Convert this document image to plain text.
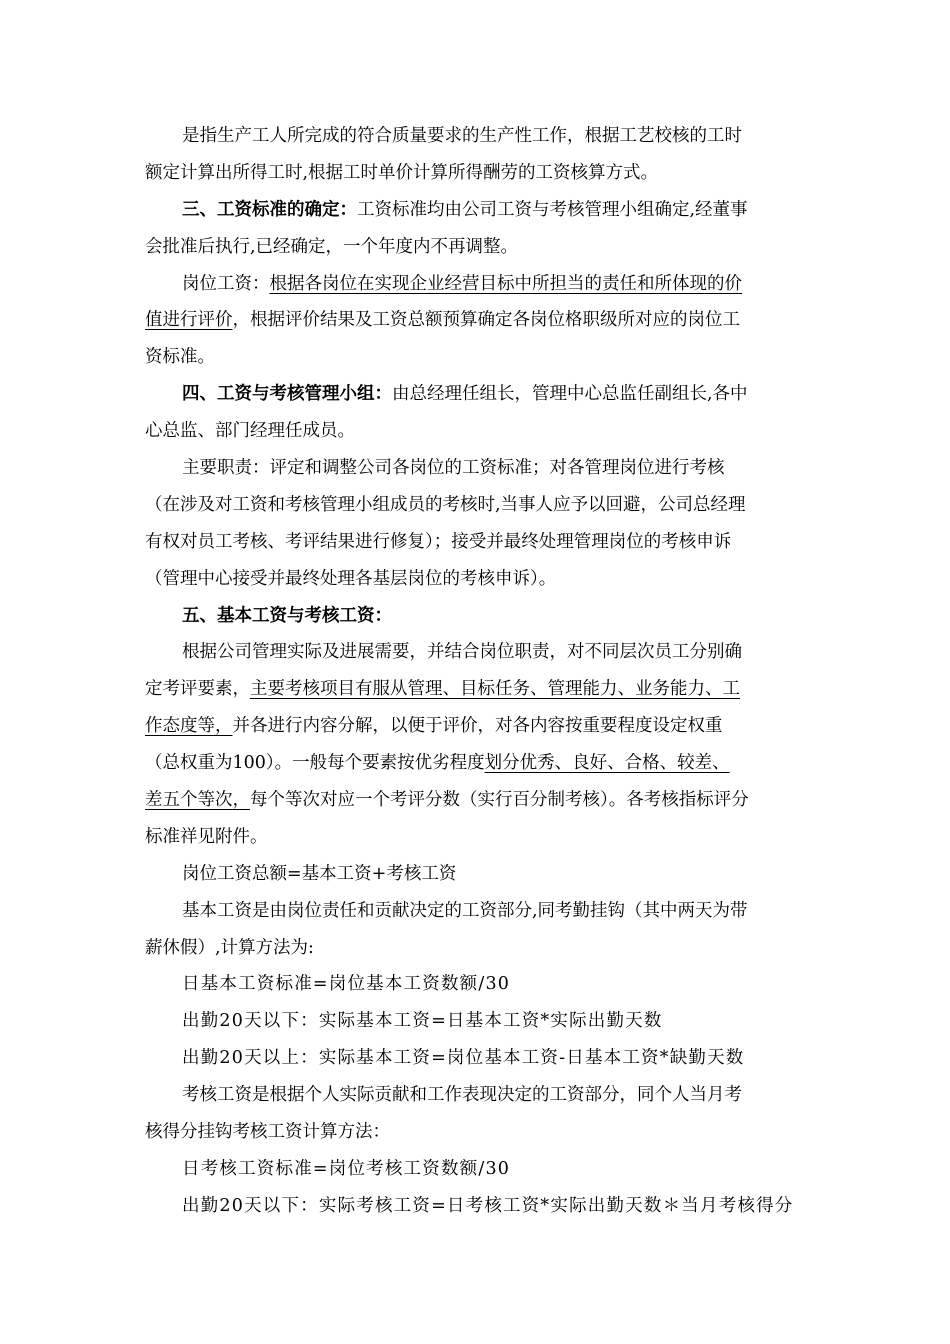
是指生产工人所完成的符合质量要求的生产性工作，根据工艺校核的工时
额定计算出所得工时,根据工时单价计算所得酬劳的工资核算方式。
三、工资标准的确定：工资标准均由公司工资与考核管理小组确定,经董事
会批准后执行,已经确定，一个年度内不再调整。
岗位工资：根据各岗位在实现企业经营目标中所担当的责任和所体现的价
值进行评价，根据评价结果及工资总额预算确定各岗位格职级所对应的岗位工
资标准。
四、工资与考核管理小组：由总经理任组长，管理中心总监任副组长,各中
心总监、部门经理任成员。
主要职责：评定和调整公司各岗位的工资标准；对各管理岗位进行考核
（在涉及对工资和考核管理小组成员的考核时,当事人应予以回避，公司总经理
有权对员工考核、考评结果进行修复）；接受并最终处理管理岗位的考核申诉
（管理中心接受并最终处理各基层岗位的考核申诉）。
五、基本工资与考核工资：
根据公司管理实际及进展需要，并结合岗位职责，对不同层次员工分别确
定考评要素，主要考核项目有服从管理、目标任务、管理能力、业务能力、工
作态度等，并各进行内容分解，以便于评价，对各内容按重要程度设定权重
（总权重为100）。一般每个要素按优劣程度划分优秀、良好、合格、较差、
差五个等次，每个等次对应一个考评分数（实行百分制考核）。各考核指标评分
标准祥见附件。
岗位工资总额=基本工资+考核工资
基本工资是由岗位责任和贡献决定的工资部分,同考勤挂钩（其中两天为带
薪休假）,计算方法为:
日基本工资标准=岗位基本工资数额/30
出勤20天以下：实际基本工资=日基本工资*实际出勤天数
出勤20天以上：实际基本工资=岗位基本工资-日基本工资*缺勤天数
考核工资是根据个人实际贡献和工作表现决定的工资部分，同个人当月考
核得分挂钩考核工资计算方法：
日考核工资标准=岗位考核工资数额/30
出勤20天以下：实际考核工资=日考核工资*实际出勤天数＊当月考核得分
